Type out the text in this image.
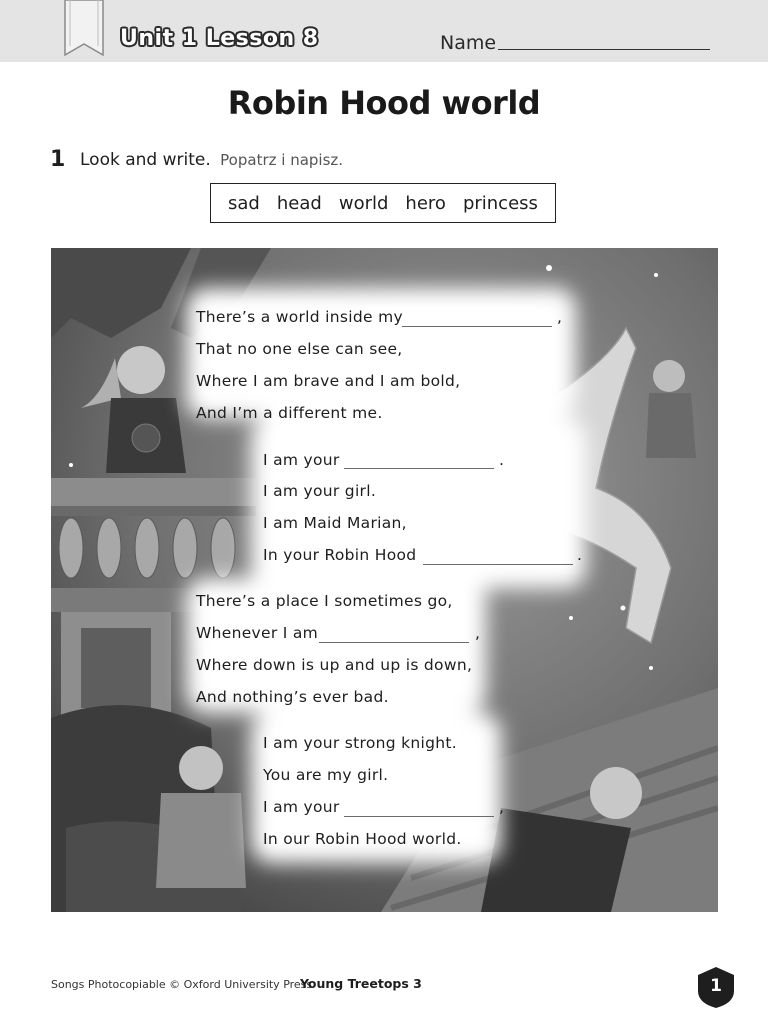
Unit 1 Lesson 8	Name
Robin Hood world
1 Look and write. Popatrz i napisz.
sad head world hero princess
There’s a world inside my	,
That no one else can see,
Where I am brave and I am bold,
And I’m a different me.
I am your	.
I am your girl.
I am Maid Marian,
In your Robin Hood	.
There’s a place I sometimes go,
Whenever I am	,
Where down is up and up is down,
And nothing’s ever bad.
I am your strong knight.
You are my girl.
I am your	,
In our Robin Hood world.
Songs Photocopiable © Oxford University Press
Young Treetops 3	1
